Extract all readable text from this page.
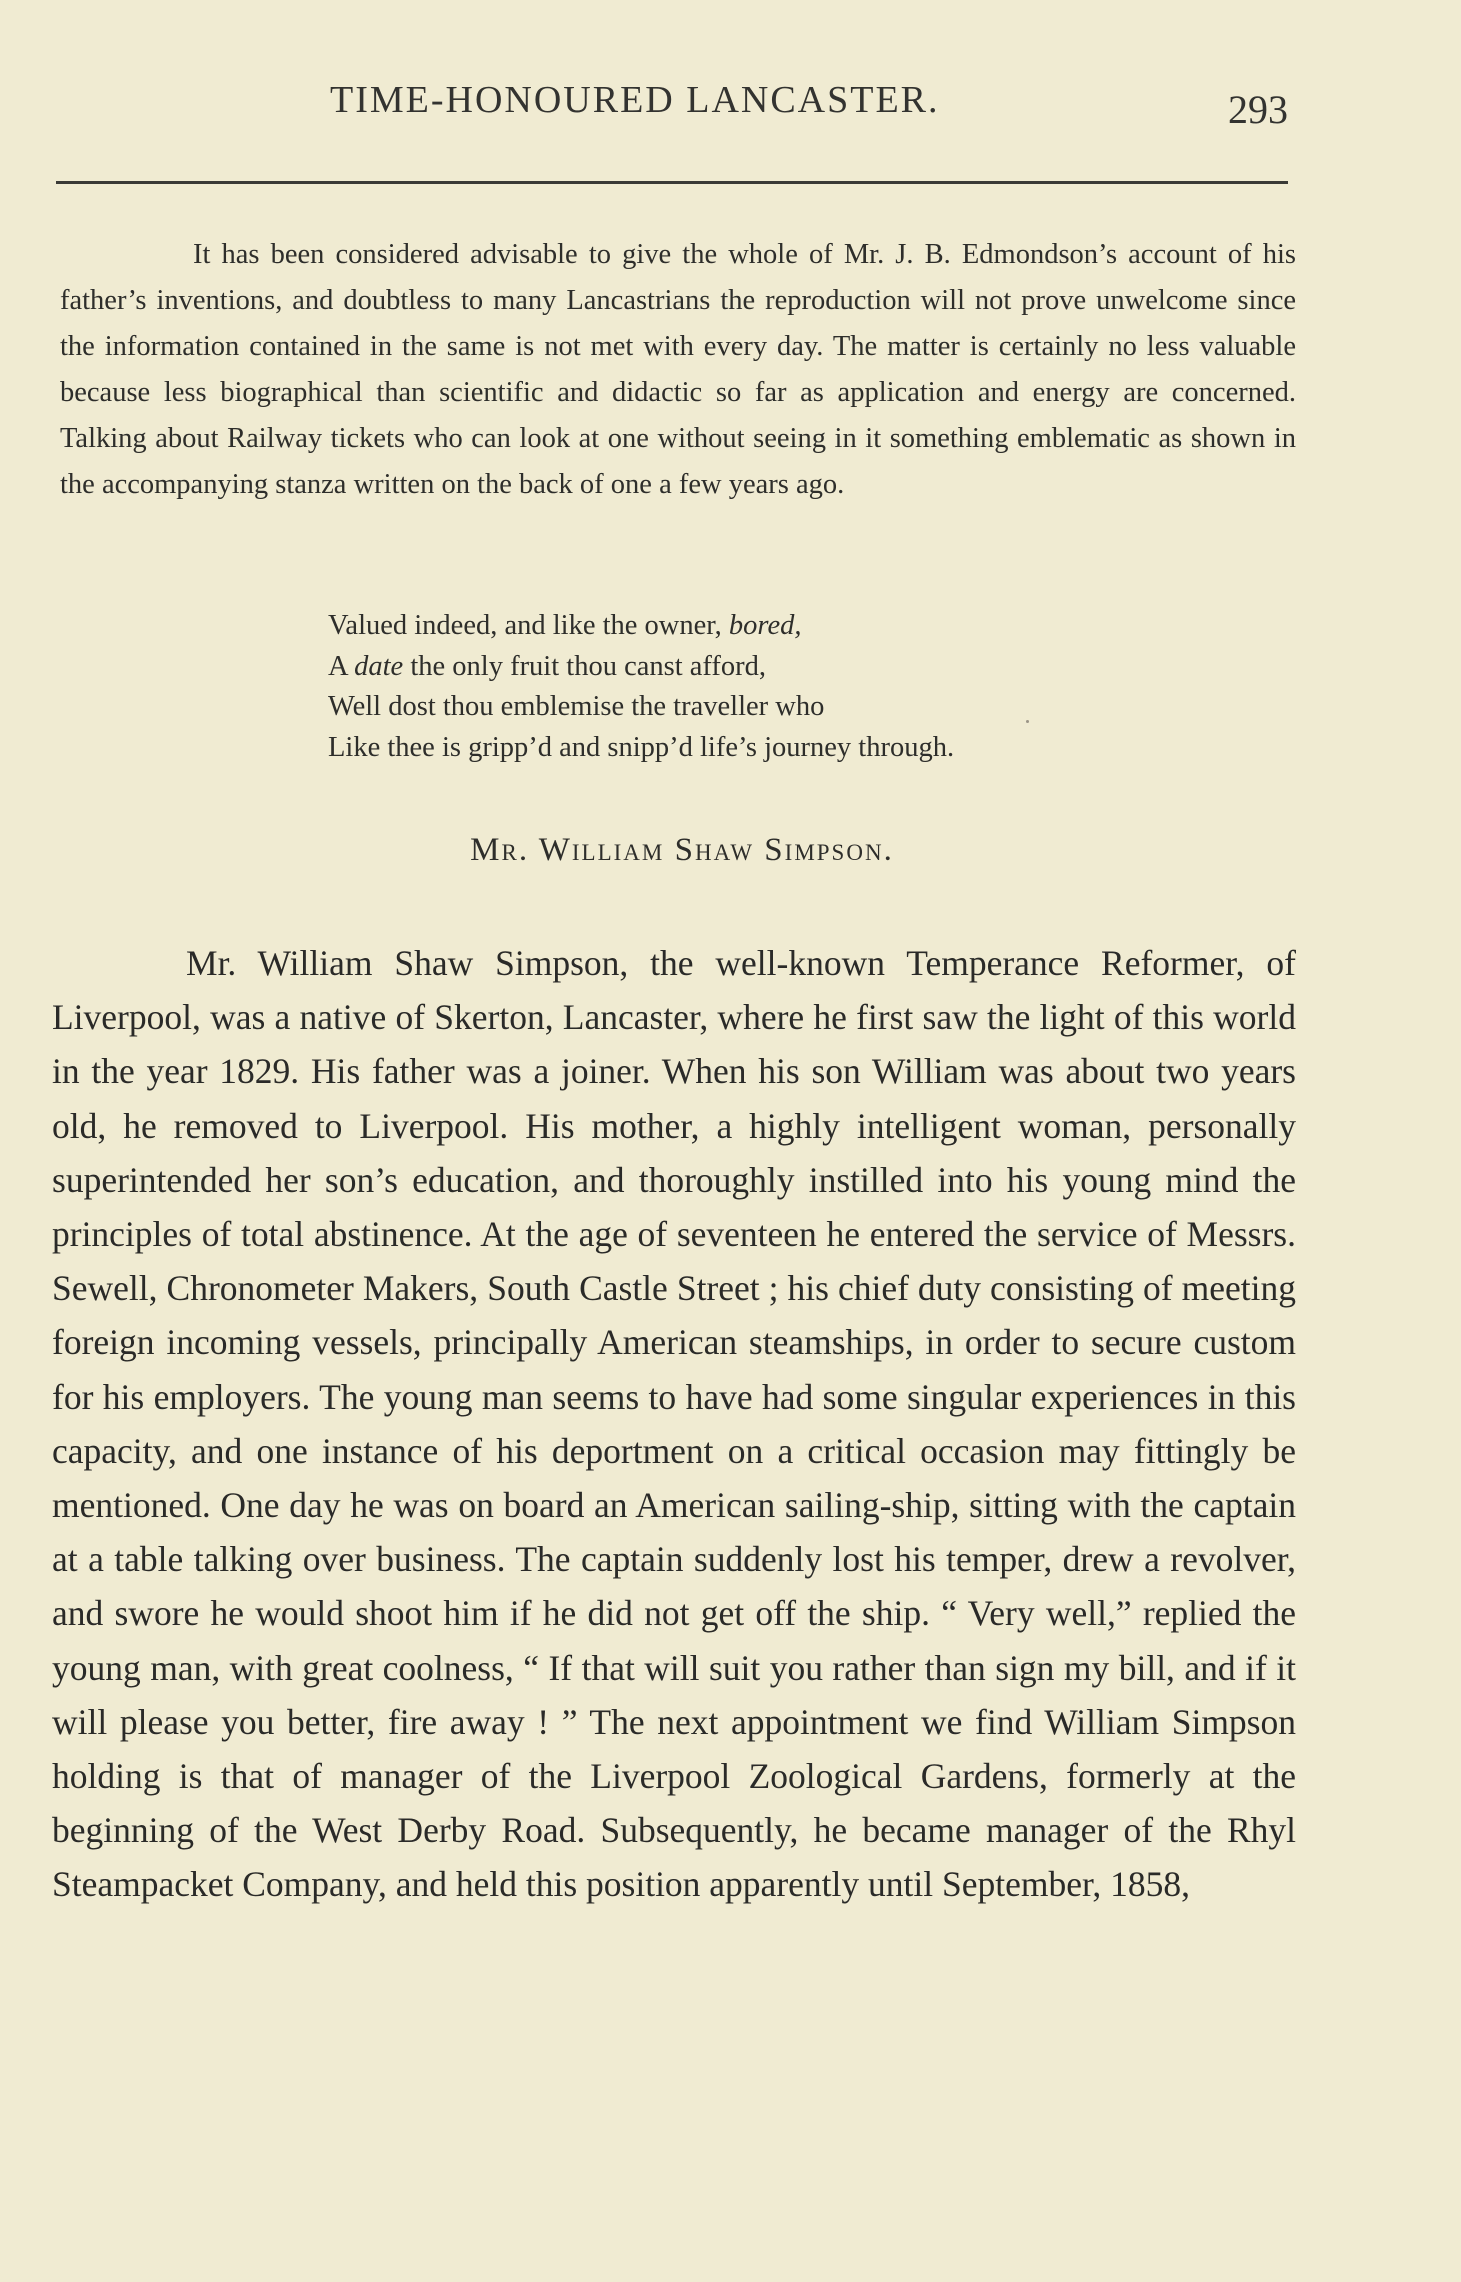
TIME-HONOURED LANCASTER.	293

It has been considered advisable to give the whole of Mr. J. B. Edmondson’s account of his father’s inventions, and doubtless to many Lancastrians the reproduction will not prove unwelcome since the information contained in the same is not met with every day. The matter is certainly no less valuable because less biographical than scientific and didactic so far as application and energy are concerned. Talking about Railway tickets who can look at one without seeing in it something emblematic as shown in the accompanying stanza written on the back of one a few years ago.

Valued indeed, and like the owner, bored,
A date the only fruit thou canst afford,
Well dost thou emblemise the traveller who
Like thee is gripp’d and snipp’d life’s journey through.
Mr. William Shaw Simpson.

Mr. William Shaw Simpson, the well-known Temperance Reformer, of Liverpool, was a native of Skerton, Lancaster, where he first saw the light of this world in the year 1829. His father was a joiner. When his son William was about two years old, he removed to Liverpool. His mother, a highly intelligent woman, personally superintended her son’s education, and thoroughly instilled into his young mind the principles of total abstinence. At the age of seventeen he entered the service of Messrs. Sewell, Chronometer Makers, South Castle Street ; his chief duty consisting of meeting foreign incoming vessels, principally American steamships, in order to secure custom for his employers. The young man seems to have had some singular experiences in this capacity, and one instance of his deportment on a critical occasion may fittingly be mentioned. One day he was on board an American sailing-ship, sitting with the captain at a table talking over business. The captain suddenly lost his temper, drew a revolver, and swore he would shoot him if he did not get off the ship. “ Very well,” replied the young man, with great coolness, “ If that will suit you rather than sign my bill, and if it will please you better, fire away ! ” The next appointment we find William Simpson holding is that of manager of the Liverpool Zoological Gardens, formerly at the beginning of the West Derby Road. Subsequently, he became manager of the Rhyl Steampacket Company, and held this position apparently until September, 1858,
